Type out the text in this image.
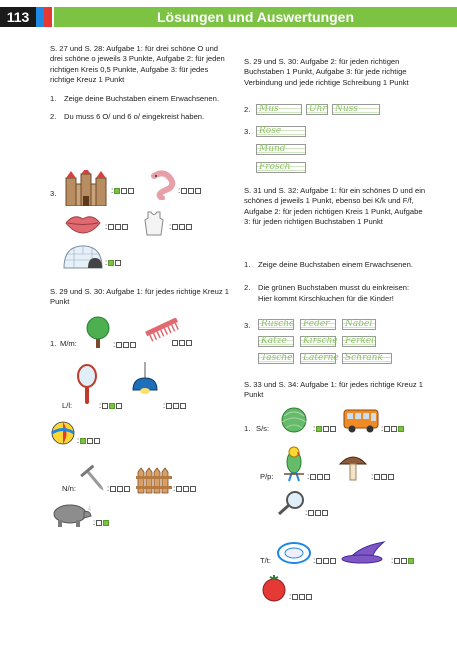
113	Lösungen und Auswertungen
S. 27 und S. 28: Aufgabe 1: für drei schöne O und drei schöne o jeweils 3 Punkte, Aufgabe 2: für jeden richtigen Kreis 0,5 Punkte, Aufgabe 3: für jedes richtige Kreuz 1 Punkt
1.	Zeige deine Buchstaben einem Erwachsenen.
2.	Du muss 6 O/ und 6 o/ eingekreist haben.
3.	:	:
:	:
:
S. 29 und S. 30: Aufgabe 1: für jedes richtige Kreuz 1 Punkt
1. M/m:	:
L/l:	:	:
:
N/n:	:	:
:
S. 29 und S. 30: Aufgabe 2: für jeden richtigen Buchstaben 1 Punkt, Aufgabe 3: für jede richtige Verbindung und jede richtige Schreibung 1 Punkt
2. Mus	Uhr Nuss
3. Rose
Mund
Frosch
S. 31 und S. 32: Aufgabe 1: für ein schönes D und ein schönes d jeweils 1 Punkt, ebenso bei K/k und F/f, Aufgabe 2: für jeden richtigen Kreis 1 Punkt, Aufgabe 3: für jeden richtigen Buchstaben 1 Punkt
1. Zeige deine Buchstaben einem Erwachsenen.
2. Die grünen Buchstaben musst du einkreisen:
Hier kommt Kirschkuchen für die Kinder!
3. Rusche Feder Nabel
Katze Kirsche Ferkel
Tasche Laterne Schrank
S. 33 und S. 34: Aufgabe 1: für jedes richtige Kreuz 1 Punkt
1. S/s:	:	:
P/p:	:	:
:
T/t:	:	:
:
